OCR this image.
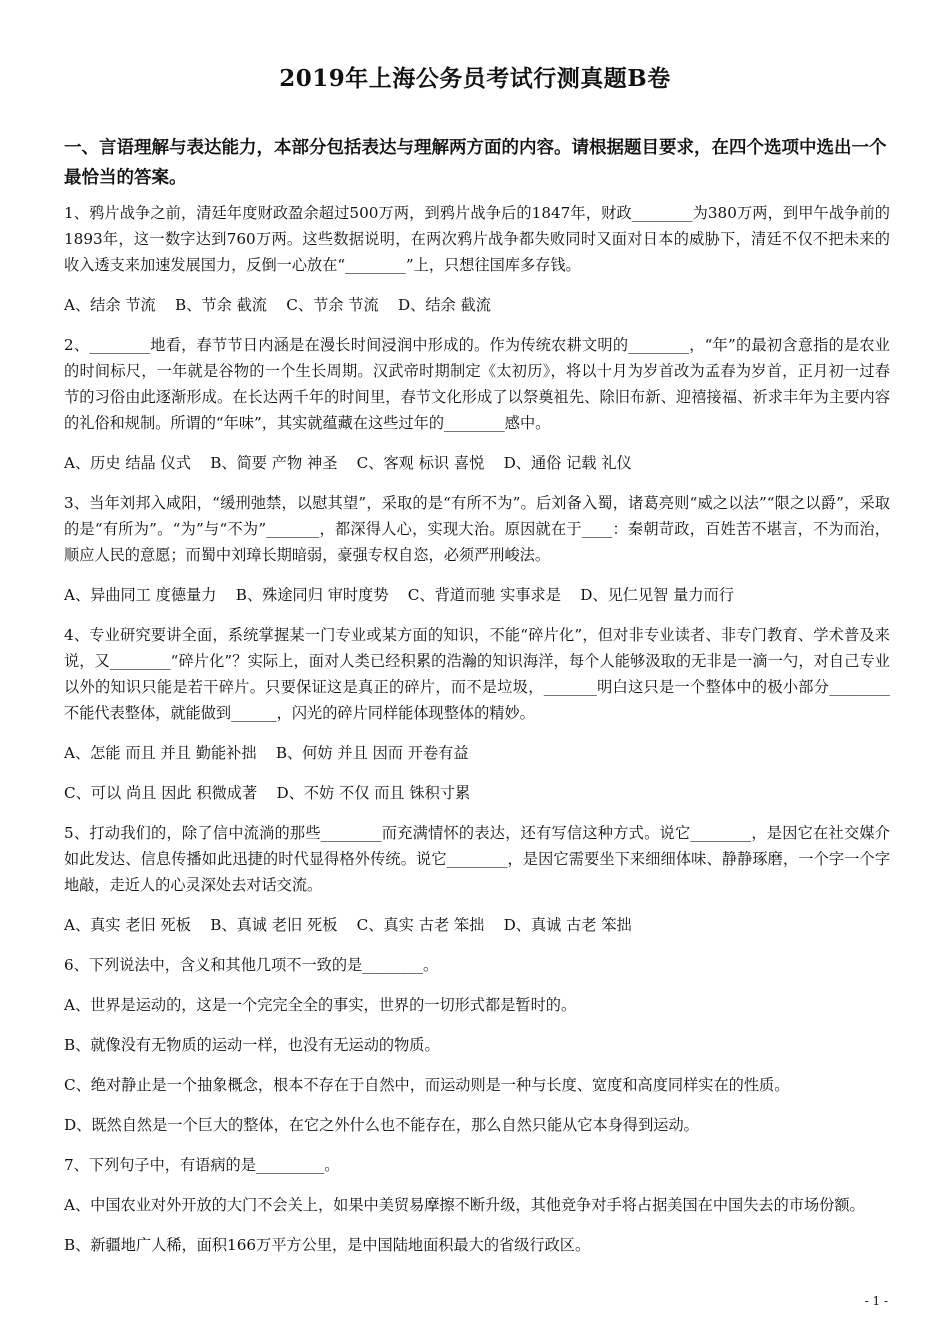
2019年上海公务员考试行测真题B卷
一、言语理解与表达能力，本部分包括表达与理解两方面的内容。请根据题目要求，在四个选项中选出一个最恰当的答案。

1、鸦片战争之前，清廷年度财政盈余超过500万两，到鸦片战争后的1847年，财政________为380万两，到甲午战争前的1893年，这一数字达到760万两。这些数据说明，在两次鸦片战争都失败同时又面对日本的威胁下，清廷不仅不把未来的收入透支来加速发展国力，反倒一心放在“________”上，只想往国库多存钱。

A、结余 节流    B、节余 截流    C、节余 节流    D、结余 截流

2、________地看，春节节日内涵是在漫长时间浸润中形成的。作为传统农耕文明的________，“年”的最初含意指的是农业的时间标尺，一年就是谷物的一个生长周期。汉武帝时期制定《太初历》，将以十月为岁首改为孟春为岁首，正月初一过春节的习俗由此逐渐形成。在长达两千年的时间里，春节文化形成了以祭奠祖先、除旧布新、迎禧接福、祈求丰年为主要内容的礼俗和规制。所谓的“年味”，其实就蕴藏在这些过年的________感中。

A、历史 结晶 仪式    B、简要 产物 神圣    C、客观 标识 喜悦    D、通俗 记载 礼仪

3、当年刘邦入咸阳，“缓刑弛禁，以慰其望”，采取的是“有所不为”。后刘备入蜀，诸葛亮则“威之以法”“限之以爵”，采取的是“有所为”。“为”与“不为”_______，都深得人心，实现大治。原因就在于____：秦朝苛政，百姓苦不堪言，不为而治，顺应人民的意愿；而蜀中刘璋长期暗弱，豪强专权自恣，必须严刑峻法。

A、异曲同工 度德量力    B、殊途同归 审时度势    C、背道而驰 实事求是    D、见仁见智 量力而行

4、专业研究要讲全面，系统掌握某一门专业或某方面的知识，不能“碎片化”，但对非专业读者、非专门教育、学术普及来说，又________“碎片化”？实际上，面对人类已经积累的浩瀚的知识海洋，每个人能够汲取的无非是一滴一勺，对自己专业以外的知识只能是若干碎片。只要保证这是真正的碎片，而不是垃圾，_______明白这只是一个整体中的极小部分________不能代表整体，就能做到______，闪光的碎片同样能体现整体的精妙。

A、怎能 而且 并且 勤能补拙    B、何妨 并且 因而 开卷有益

C、可以 尚且 因此 积微成著    D、不妨 不仅 而且 铢积寸累

5、打动我们的，除了信中流淌的那些________而充满情怀的表达，还有写信这种方式。说它________，是因它在社交媒介如此发达、信息传播如此迅捷的时代显得格外传统。说它________，是因它需要坐下来细细体味、静静琢磨，一个字一个字地敲，走近人的心灵深处去对话交流。

A、真实 老旧 死板    B、真诚 老旧 死板    C、真实 古老 笨拙    D、真诚 古老 笨拙

6、下列说法中，含义和其他几项不一致的是________。

A、世界是运动的，这是一个完完全全的事实，世界的一切形式都是暂时的。

B、就像没有无物质的运动一样，也没有无运动的物质。

C、绝对静止是一个抽象概念，根本不存在于自然中，而运动则是一种与长度、宽度和高度同样实在的性质。

D、既然自然是一个巨大的整体，在它之外什么也不能存在，那么自然只能从它本身得到运动。

7、下列句子中，有语病的是_________。

A、中国农业对外开放的大门不会关上，如果中美贸易摩擦不断升级，其他竞争对手将占据美国在中国失去的市场份额。

B、新疆地广人稀，面积166万平方公里，是中国陆地面积最大的省级行政区。

- 1 -
